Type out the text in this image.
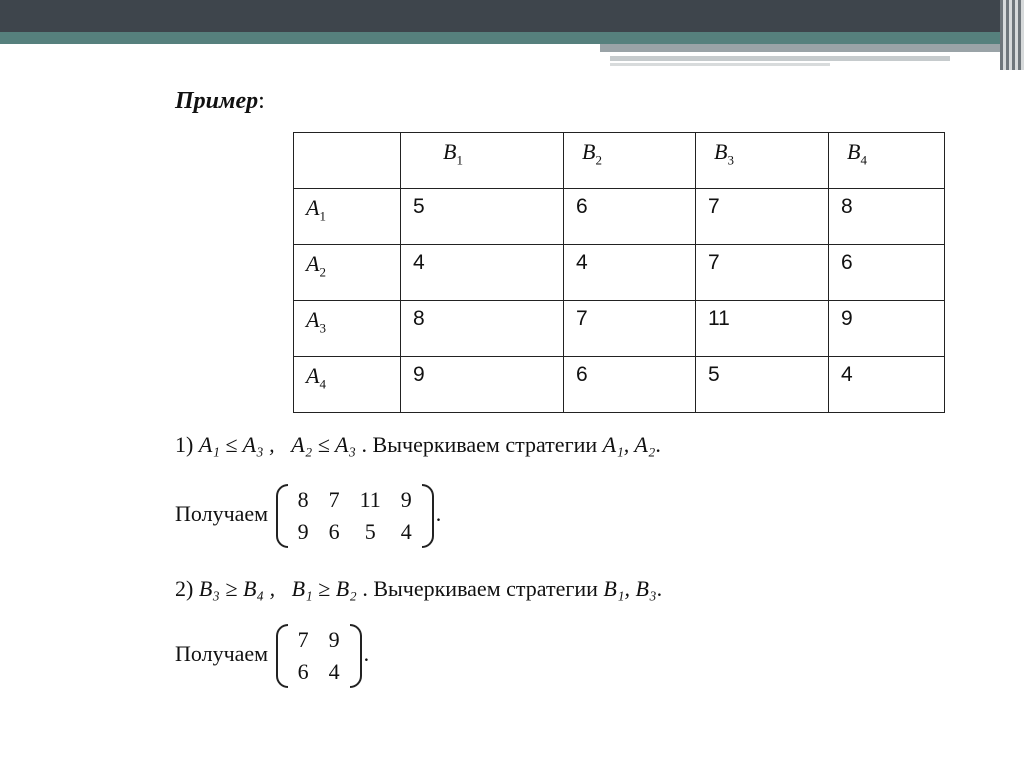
Пример:
	$B_1$	$B_2$	$B_3$	$B_4$
$A_1$	5	6	7	8
$A_2$	4	4	7	6
$A_3$	8	7	11	9
$A_4$	9	6	5	4
1) A₁ ≤ A₃ , A₂ ≤ A₃ . Вычеркиваем стратегии A₁, A₂.
Получаем
8	7	11	9
9	6	5	4
.
2) B₃ ≥ B₄ , B₁ ≥ B₂ . Вычеркиваем стратегии B₁, B₃.
Получаем
7	9
6	4
.
